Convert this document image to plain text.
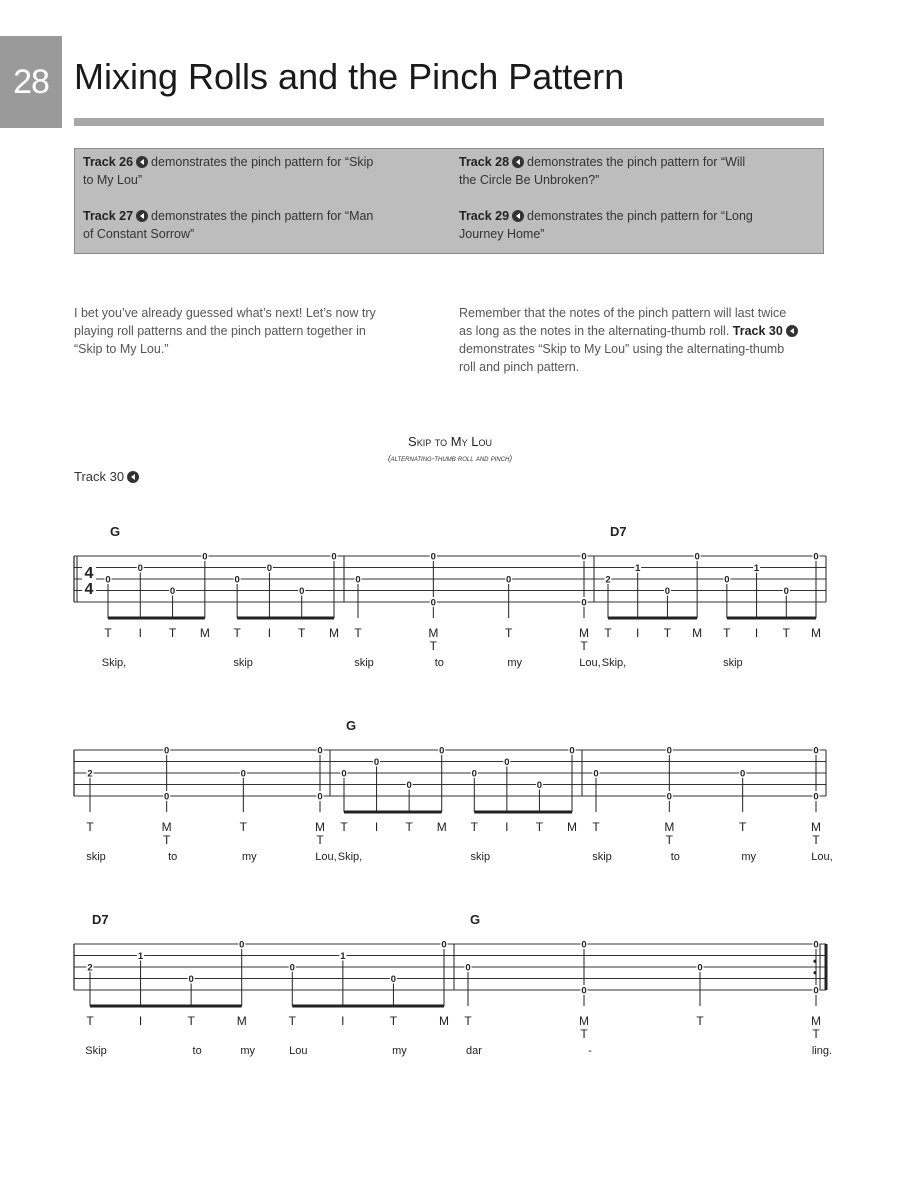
28 Mixing Rolls and the Pinch Pattern
Track 26 demonstrates the pinch pattern for “Skip
to My Lou”
Track 27 demonstrates the pinch pattern for “Man
of Constant Sorrow”
Track 28 demonstrates the pinch pattern for “Will
the Circle Be Unbroken?”
Track 29 demonstrates the pinch pattern for “Long
Journey Home”
I bet you’ve already guessed what’s next! Let’s now try
playing roll patterns and the pinch pattern together in
“Skip to My Lou.”
Remember that the notes of the pinch pattern will last twice
as long as the notes in the alternating-thumb roll. Track 30
demonstrates “Skip to My Lou” using the alternating-thumb
roll and pinch pattern.
Skip to My Lou
(alternating-thumb roll and pinch)
Track 30
4
4
0
0
0
0
0
0
0
0
T I T M T I T M
Skip,	skip
0
0
0
0
0
0
T	M
T
T	M
T
skip	to	my	Lou,
2
1
0
0
0
1
0
0
T I T M T I T M
Skip,	skip
G	D7
2
0
0
0
0
0
T	M
T
T	M
T
skip	to	my	Lou,
0
0
0
0
0
0
0
0
T I T M T I T M
Skip,	skip
0
0
0
0
0
0
T	M
T
T	M
T
skip	to	my	Lou,
G
2
1
0
0
0
1
0
0
T	I	T	M	T	I	T	M
Skip	to	my	Lou	my
0
0
0
0
0
0
T	M
T
T	M
T
dar	-	ling.
D7	G
